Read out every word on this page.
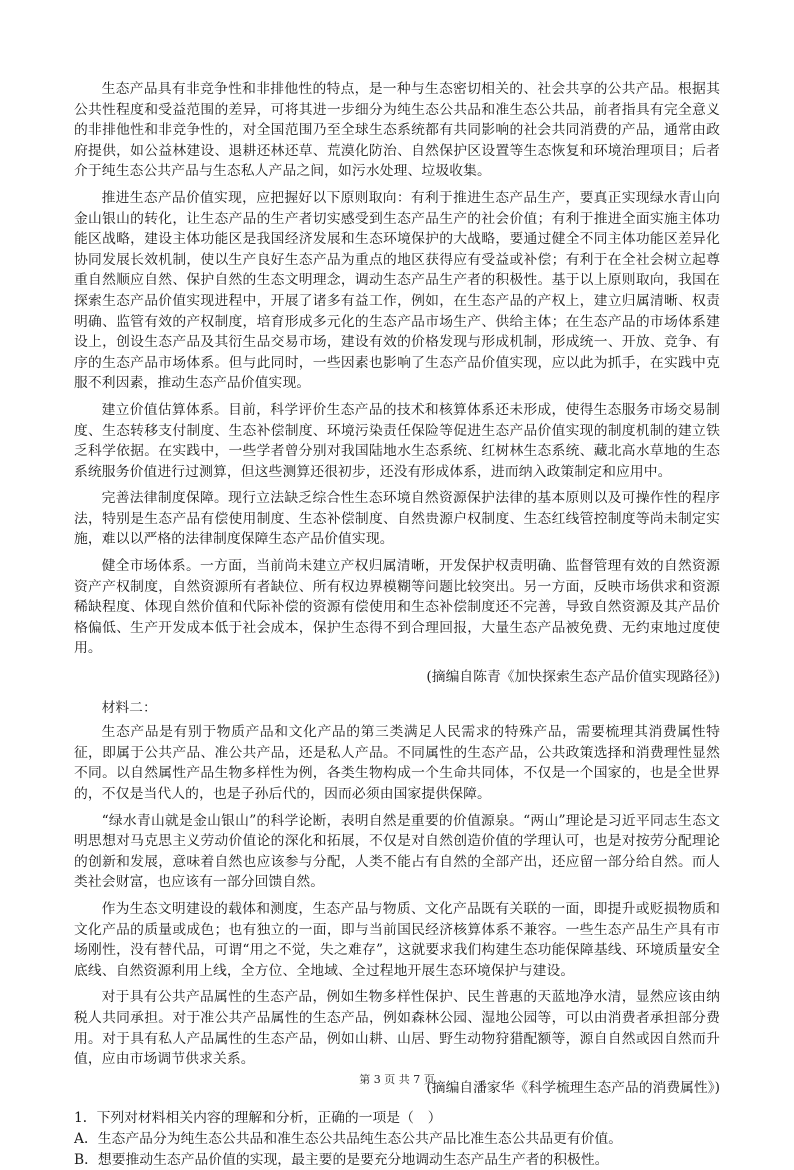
生态产品具有非竞争性和非排他性的特点，是一种与生态密切相关的、社会共享的公共产品。根据其公共性程度和受益范围的差异，可将其进一步细分为纯生态公共品和准生态公共品，前者指具有完全意义的非排他性和非竞争性的，对全国范围乃至全球生态系统都有共同影响的社会共同消费的产品，通常由政府提供，如公益林建设、退耕还林还草、荒漠化防治、自然保护区设置等生态恢复和环境治理项目；后者介于纯生态公共产品与生态私人产品之间，如污水处理、垃圾收集。

推进生态产品价值实现，应把握好以下原则取向：有利于推进生态产品生产，要真正实现绿水青山向金山银山的转化，让生态产品的生产者切实感受到生态产品生产的社会价值；有利于推进全面实施主体功能区战略，建设主体功能区是我国经济发展和生态环境保护的大战略，要通过健全不同主体功能区差异化协同发展长效机制，使以生产良好生态产品为重点的地区获得应有受益或补偿；有利于在全社会树立起尊重自然顺应自然、保护自然的生态文明理念，调动生态产品生产者的积极性。基于以上原则取向，我国在探索生态产品价值实现进程中，开展了诸多有益工作，例如，在生态产品的产权上，建立归属清晰、权责明确、监管有效的产权制度，培育形成多元化的生态产品市场生产、供给主体；在生态产品的市场体系建设上，创设生态产品及其衍生品交易市场，建设有效的价格发现与形成机制，形成统一、开放、竞争、有序的生态产品市场体系。但与此同时，一些因素也影响了生态产品价值实现，应以此为抓手，在实践中克服不利因素，推动生态产品价值实现。

建立价值估算体系。目前，科学评价生态产品的技术和核算体系还未形成，使得生态服务市场交易制度、生态转移支付制度、生态补偿制度、环境污染责任保险等促进生态产品价值实现的制度机制的建立铁乏科学依据。在实践中，一些学者曾分别对我国陆地水生态系统、红树林生态系统、藏北高水草地的生态系统服务价值进行过测算，但这些测算还很初步，还没有形成体系，进而纳入政策制定和应用中。

完善法律制度保障。现行立法缺乏综合性生态环境自然资源保护法律的基本原则以及可操作性的程序法，特别是生态产品有偿使用制度、生态补偿制度、自然贵源户权制度、生态红线管控制度等尚未制定实施，难以以严格的法律制度保障生态产品价值实现。

健全市场体系。一方面，当前尚未建立产权归属清晰，开发保护权责明确、监督管理有效的自然资源资产产权制度，自然资源所有者缺位、所有权边界模糊等问题比较突出。另一方面，反映市场供求和资源稀缺程度、体现自然价值和代际补偿的资源有偿使用和生态补偿制度还不完善，导致自然资源及其产品价格偏低、生产开发成本低于社会成本，保护生态得不到合理回报，大量生态产品被免费、无约束地过度使用。

(摘编自陈青《加快探索生态产品价值实现路径》)

材料二：

生态产品是有别于物质产品和文化产品的第三类满足人民需求的特殊产品，需要梳理其消费属性特征，即属于公共产品、准公共产品，还是私人产品。不同属性的生态产品，公共政策选择和消费理性显然不同。以自然属性产品生物多样性为例，各类生物构成一个生命共同体，不仅是一个国家的，也是全世界的，不仅是当代人的，也是子孙后代的，因而必须由国家提供保障。

“绿水青山就是金山银山”的科学论断，表明自然是重要的价值源泉。“两山”理论是习近平同志生态文明思想对马克思主义劳动价值论的深化和拓展，不仅是对自然创造价值的学理认可，也是对按劳分配理论的创新和发展，意味着自然也应该参与分配，人类不能占有自然的全部产出，还应留一部分给自然。而人类社会财富，也应该有一部分回馈自然。

作为生态文明建设的载体和测度，生态产品与物质、文化产品既有关联的一面，即提升或贬损物质和文化产品的质量或成色；也有独立的一面，即与当前国民经济核算体系不兼容。一些生态产品生产具有市场刚性，没有替代品，可谓“用之不觉，失之难存”，这就要求我们构建生态功能保障基线、环境质量安全底线、自然资源利用上线，全方位、全地域、全过程地开展生态环境保护与建设。

对于具有公共产品属性的生态产品，例如生物多样性保护、民生普惠的天蓝地净水清，显然应该由纳税人共同承担。对于准公共产品属性的生态产品，例如森林公园、湿地公园等，可以由消费者承担部分费用。对于具有私人产品属性的生态产品，例如山耕、山居、野生动物狩猎配额等，源自自然或因自然而升值，应由市场调节供求关系。

(摘编自潘家华《科学梳理生态产品的消费属性》)

1．下列对材料相关内容的理解和分析，正确的一项是（　）

A．生态产品分为纯生态公共品和准生态公共品纯生态公共产品比准生态公共品更有价值。

B．想要推动生态产品价值的实现，最主要的是要充分地调动生态产品生产者的积极性。

第 3 页 共 7 页
